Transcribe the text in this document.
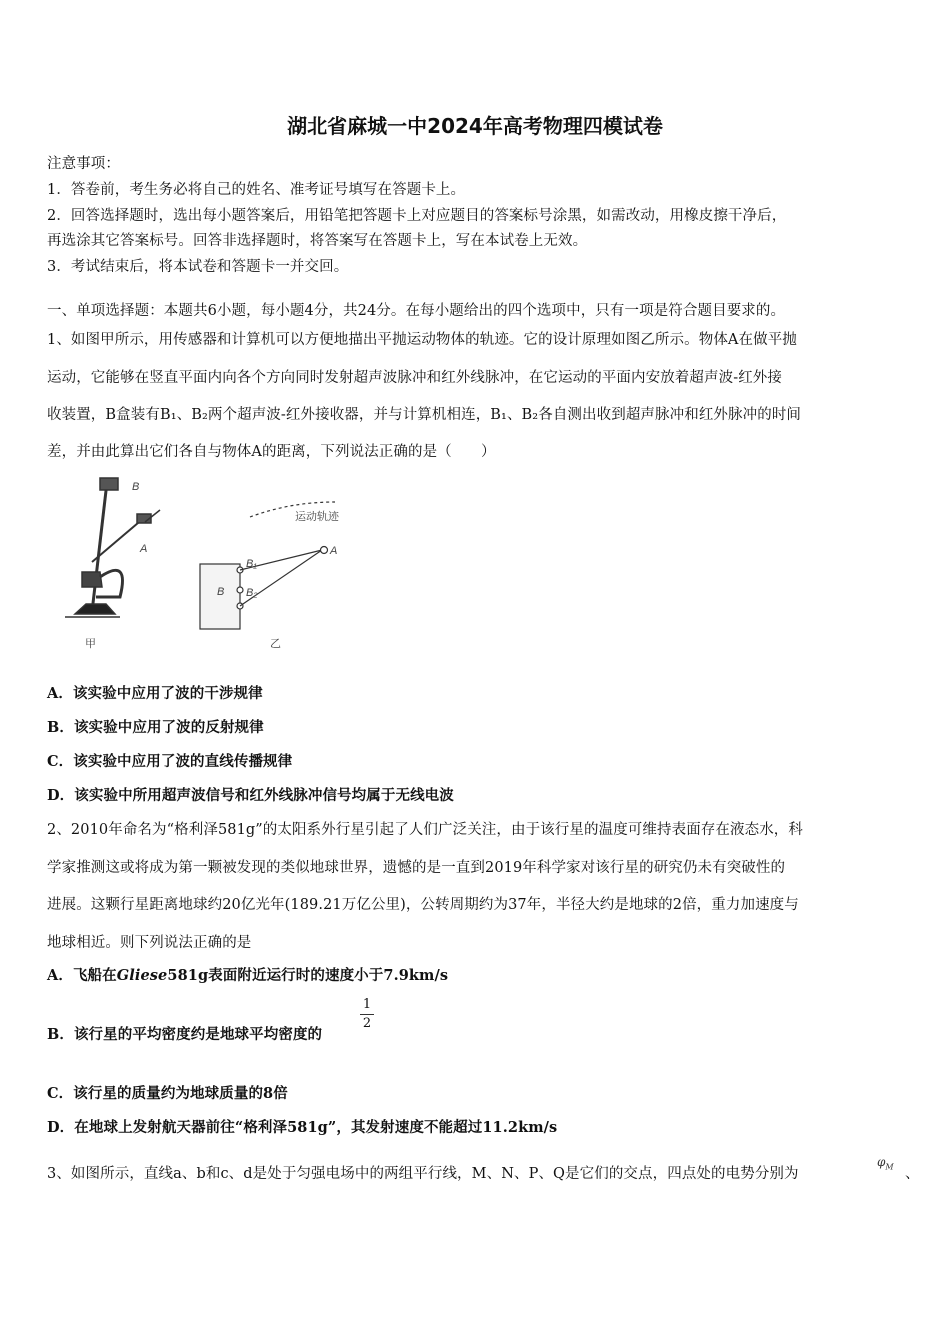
湖北省麻城一中2024年高考物理四模试卷
注意事项：
1．答卷前，考生务必将自己的姓名、准考证号填写在答题卡上。
2．回答选择题时，选出每小题答案后，用铅笔把答题卡上对应题目的答案标号涂黑，如需改动，用橡皮擦干净后，
再选涂其它答案标号。回答非选择题时，将答案写在答题卡上，写在本试卷上无效。
3．考试结束后，将本试卷和答题卡一并交回。
一、单项选择题：本题共6小题，每小题4分，共24分。在每小题给出的四个选项中，只有一项是符合题目要求的。
1、如图甲所示，用传感器和计算机可以方便地描出平抛运动物体的轨迹。它的设计原理如图乙所示。物体A在做平抛
运动，它能够在竖直平面内向各个方向同时发射超声波脉冲和红外线脉冲，在它运动的平面内安放着超声波-红外接
收装置，B盒装有B₁、B₂两个超声波-红外接收器，并与计算机相连，B₁、B₂各自测出收到超声脉冲和红外脉冲的时间
差，并由此算出它们各自与物体A的距离，下列说法正确的是（　　）
B
A
甲
运动轨迹
A
B
B₁
B₂
乙
A．该实验中应用了波的干涉规律
B．该实验中应用了波的反射规律
C．该实验中应用了波的直线传播规律
D．该实验中所用超声波信号和红外线脉冲信号均属于无线电波
2、2010年命名为“格利泽581g”的太阳系外行星引起了人们广泛关注，由于该行星的温度可维持表面存在液态水，科
学家推测这或将成为第一颗被发现的类似地球世界，遗憾的是一直到2019年科学家对该行星的研究仍未有突破性的
进展。这颗行星距离地球约20亿光年(189.21万亿公里)，公转周期约为37年，半径大约是地球的2倍，重力加速度与
地球相近。则下列说法正确的是
A．飞船在Gliese581g表面附近运行时的速度小于7.9km/s
B．该行星的平均密度约是地球平均密度的
1
2
C．该行星的质量约为地球质量的8倍
D．在地球上发射航天器前往“格利泽581g”，其发射速度不能超过11.2km/s
3、如图所示，直线a、b和c、d是处于匀强电场中的两组平行线，M、N、P、Q是它们的交点，四点处的电势分别为
$\varphi_M$ 、
